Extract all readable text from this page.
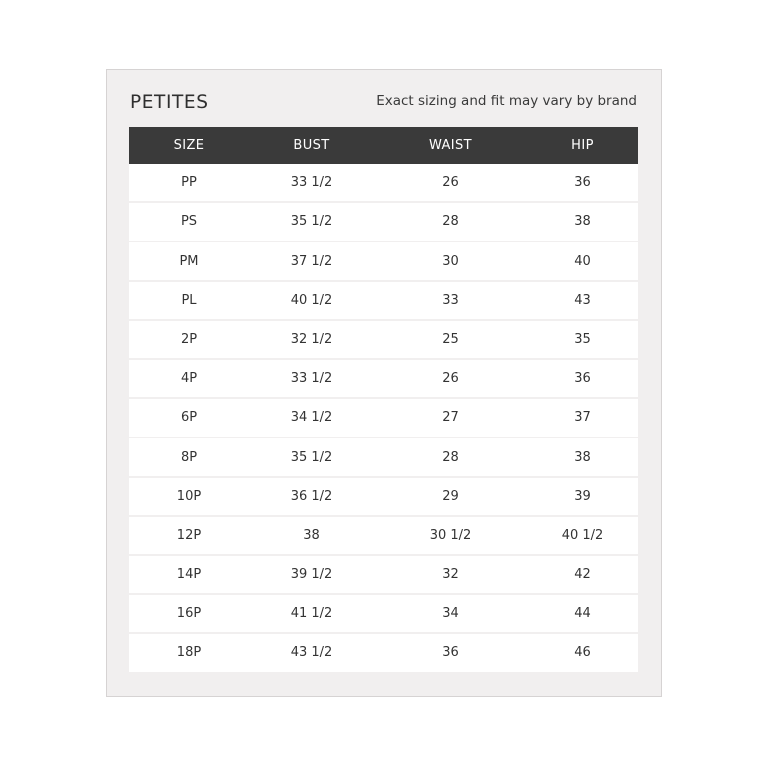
PETITES	Exact sizing and fit may vary by brand
SIZE	BUST	WAIST	HIP
PP	33 1/2	26	36
PS	35 1/2	28	38
PM	37 1/2	30	40
PL	40 1/2	33	43
2P	32 1/2	25	35
4P	33 1/2	26	36
6P	34 1/2	27	37
8P	35 1/2	28	38
10P	36 1/2	29	39
12P	38	30 1/2	40 1/2
14P	39 1/2	32	42
16P	41 1/2	34	44
18P	43 1/2	36	46
